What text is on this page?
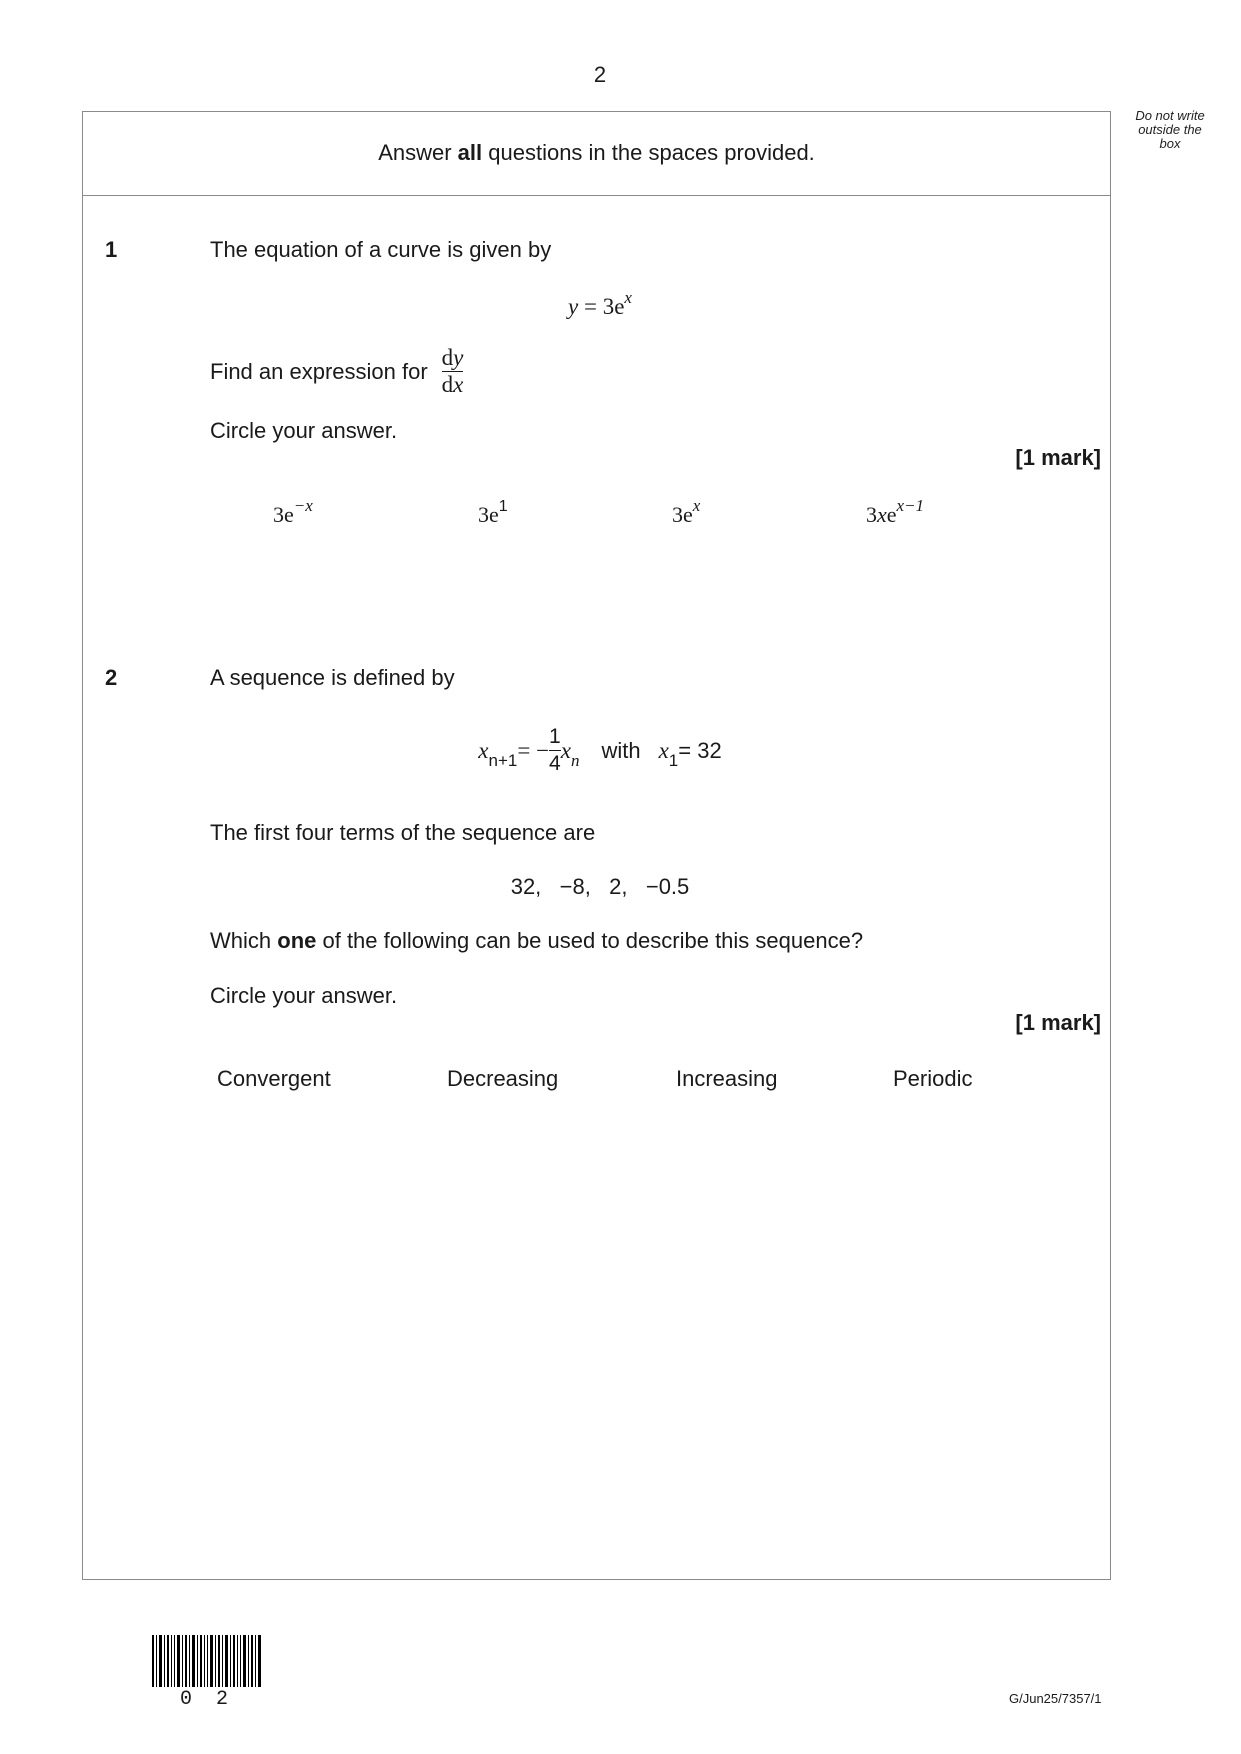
2
Do not write
outside the
box
Answer all questions in the spaces provided.
1	The equation of a curve is given by
$y = 3e^x$
Find an expression for $\frac{dy}{dx}$
Circle your answer.
[1 mark]
$3e^{-x}$	$3e^1$	$3e^x$	$3xe^{x-1}$
2	A sequence is defined by
$x_{n+1}$ = − $\frac{1}{4} x_n$ with $x_1 = 32$
The first four terms of the sequence are
32,   −8,   2,   −0.5
Which one of the following can be used to describe this sequence?
Circle your answer.
[1 mark]
Convergent	Decreasing	Increasing	Periodic
0 2	G/Jun25/7357/1
